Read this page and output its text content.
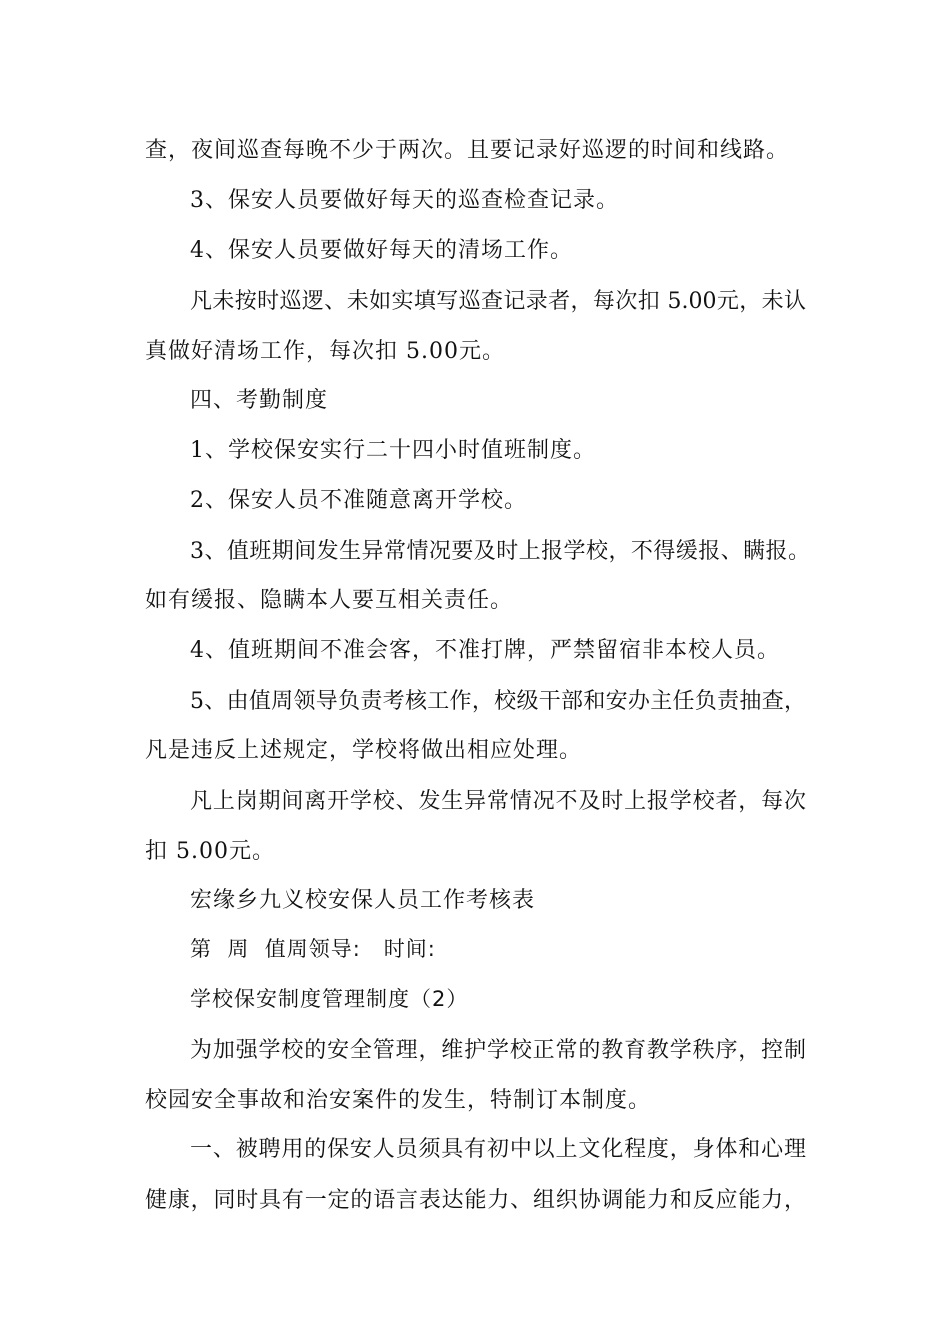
查，夜间巡查每晚不少于两次。且要记录好巡逻的时间和线路。
3、保安人员要做好每天的巡查检查记录。
4、保安人员要做好每天的清场工作。
凡未按时巡逻、未如实填写巡查记录者，每次扣 5.00元，未认
真做好清场工作，每次扣 5.00元。
四、考勤制度
1、学校保安实行二十四小时值班制度。
2、保安人员不准随意离开学校。
3、值班期间发生异常情况要及时上报学校，不得缓报、瞒报。
如有缓报、隐瞒本人要互相关责任。
4、值班期间不准会客，不准打牌，严禁留宿非本校人员。
5、由值周领导负责考核工作，校级干部和安办主任负责抽查，
凡是违反上述规定，学校将做出相应处理。
凡上岗期间离开学校、发生异常情况不及时上报学校者，每次
扣 5.00元。
宏缘乡九义校安保人员工作考核表
第  周  值周领导:   时间:
学校保安制度管理制度（2）
为加强学校的安全管理，维护学校正常的教育教学秩序，控制
校园安全事故和治安案件的发生，特制订本制度。
一、被聘用的保安人员须具有初中以上文化程度，身体和心理
健康，同时具有一定的语言表达能力、组织协调能力和反应能力，
